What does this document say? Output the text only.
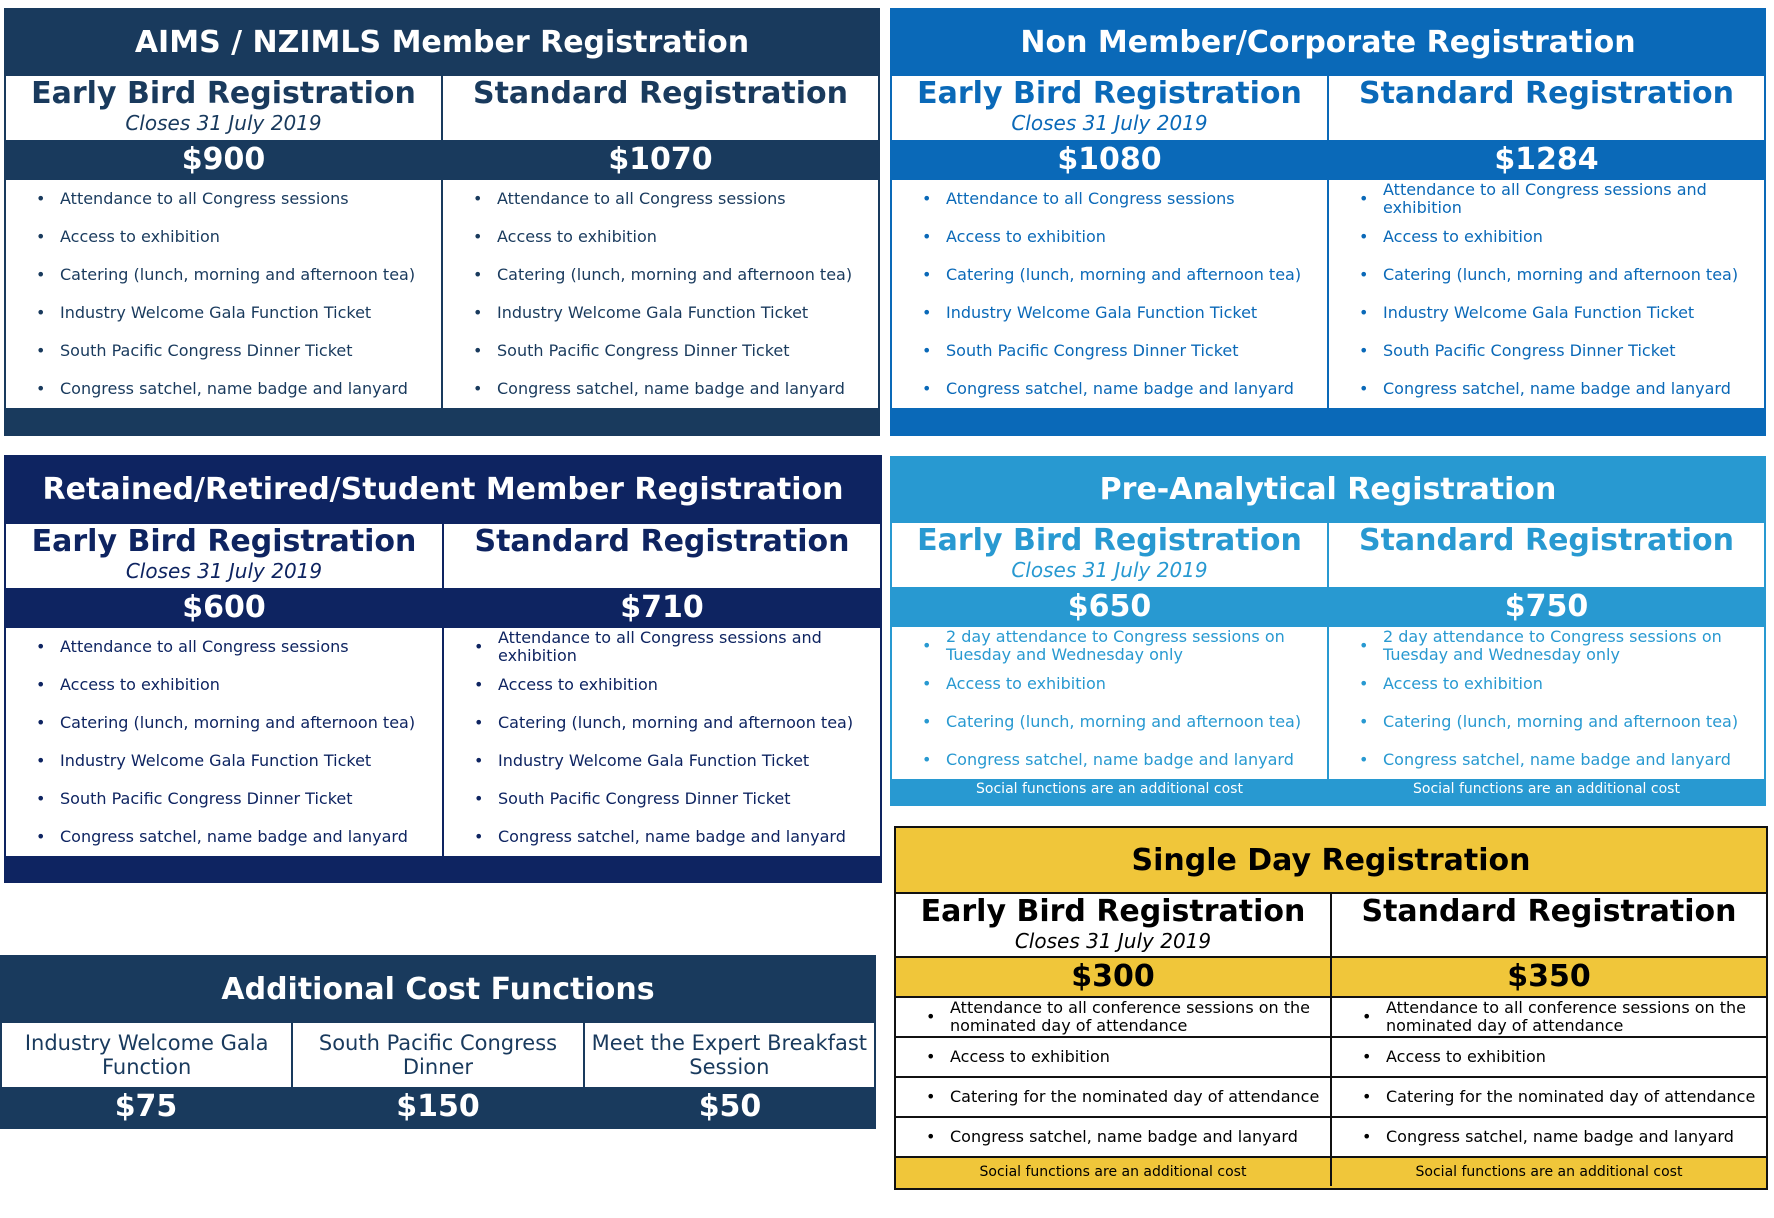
AIMS / NZIMLS Member Registration
Early Bird Registration
Closes 31 July 2019
$900
• Attendance to all Congress sessions
• Access to exhibition
• Catering (lunch, morning and afternoon tea)
• Industry Welcome Gala Function Ticket
• South Pacific Congress Dinner Ticket
• Congress satchel, name badge and lanyard
Standard Registration
$1070
• Attendance to all Congress sessions
• Access to exhibition
• Catering (lunch, morning and afternoon tea)
• Industry Welcome Gala Function Ticket
• South Pacific Congress Dinner Ticket
• Congress satchel, name badge and lanyard
Non Member/Corporate Registration
Early Bird Registration
Closes 31 July 2019
$1080
• Attendance to all Congress sessions
• Access to exhibition
• Catering (lunch, morning and afternoon tea)
• Industry Welcome Gala Function Ticket
• South Pacific Congress Dinner Ticket
• Congress satchel, name badge and lanyard
Standard Registration
$1284
• Attendance to all Congress sessions and exhibition
• Access to exhibition
• Catering (lunch, morning and afternoon tea)
• Industry Welcome Gala Function Ticket
• South Pacific Congress Dinner Ticket
• Congress satchel, name badge and lanyard
Retained/Retired/Student Member Registration
Early Bird Registration
Closes 31 July 2019
$600
• Attendance to all Congress sessions
• Access to exhibition
• Catering (lunch, morning and afternoon tea)
• Industry Welcome Gala Function Ticket
• South Pacific Congress Dinner Ticket
• Congress satchel, name badge and lanyard
Standard Registration
$710
• Attendance to all Congress sessions and exhibition
• Access to exhibition
• Catering (lunch, morning and afternoon tea)
• Industry Welcome Gala Function Ticket
• South Pacific Congress Dinner Ticket
• Congress satchel, name badge and lanyard
Pre-Analytical Registration
Early Bird Registration
Closes 31 July 2019
$650
• 2 day attendance to Congress sessions on Tuesday and Wednesday only
• Access to exhibition
• Catering (lunch, morning and afternoon tea)
• Congress satchel, name badge and lanyard
Social functions are an additional cost
Standard Registration
$750
• 2 day attendance to Congress sessions on Tuesday and Wednesday only
• Access to exhibition
• Catering (lunch, morning and afternoon tea)
• Congress satchel, name badge and lanyard
Social functions are an additional cost
Single Day Registration
Early Bird Registration
Closes 31 July 2019
$300
• Attendance to all conference sessions on the nominated day of attendance
• Access to exhibition
• Catering for the nominated day of attendance
• Congress satchel, name badge and lanyard
Social functions are an additional cost
Standard Registration
$350
• Attendance to all conference sessions on the nominated day of attendance
• Access to exhibition
• Catering for the nominated day of attendance
• Congress satchel, name badge and lanyard
Social functions are an additional cost
Additional Cost Functions
Industry Welcome Gala Function
South Pacific Congress Dinner
Meet the Expert Breakfast Session
$75	$150	$50
